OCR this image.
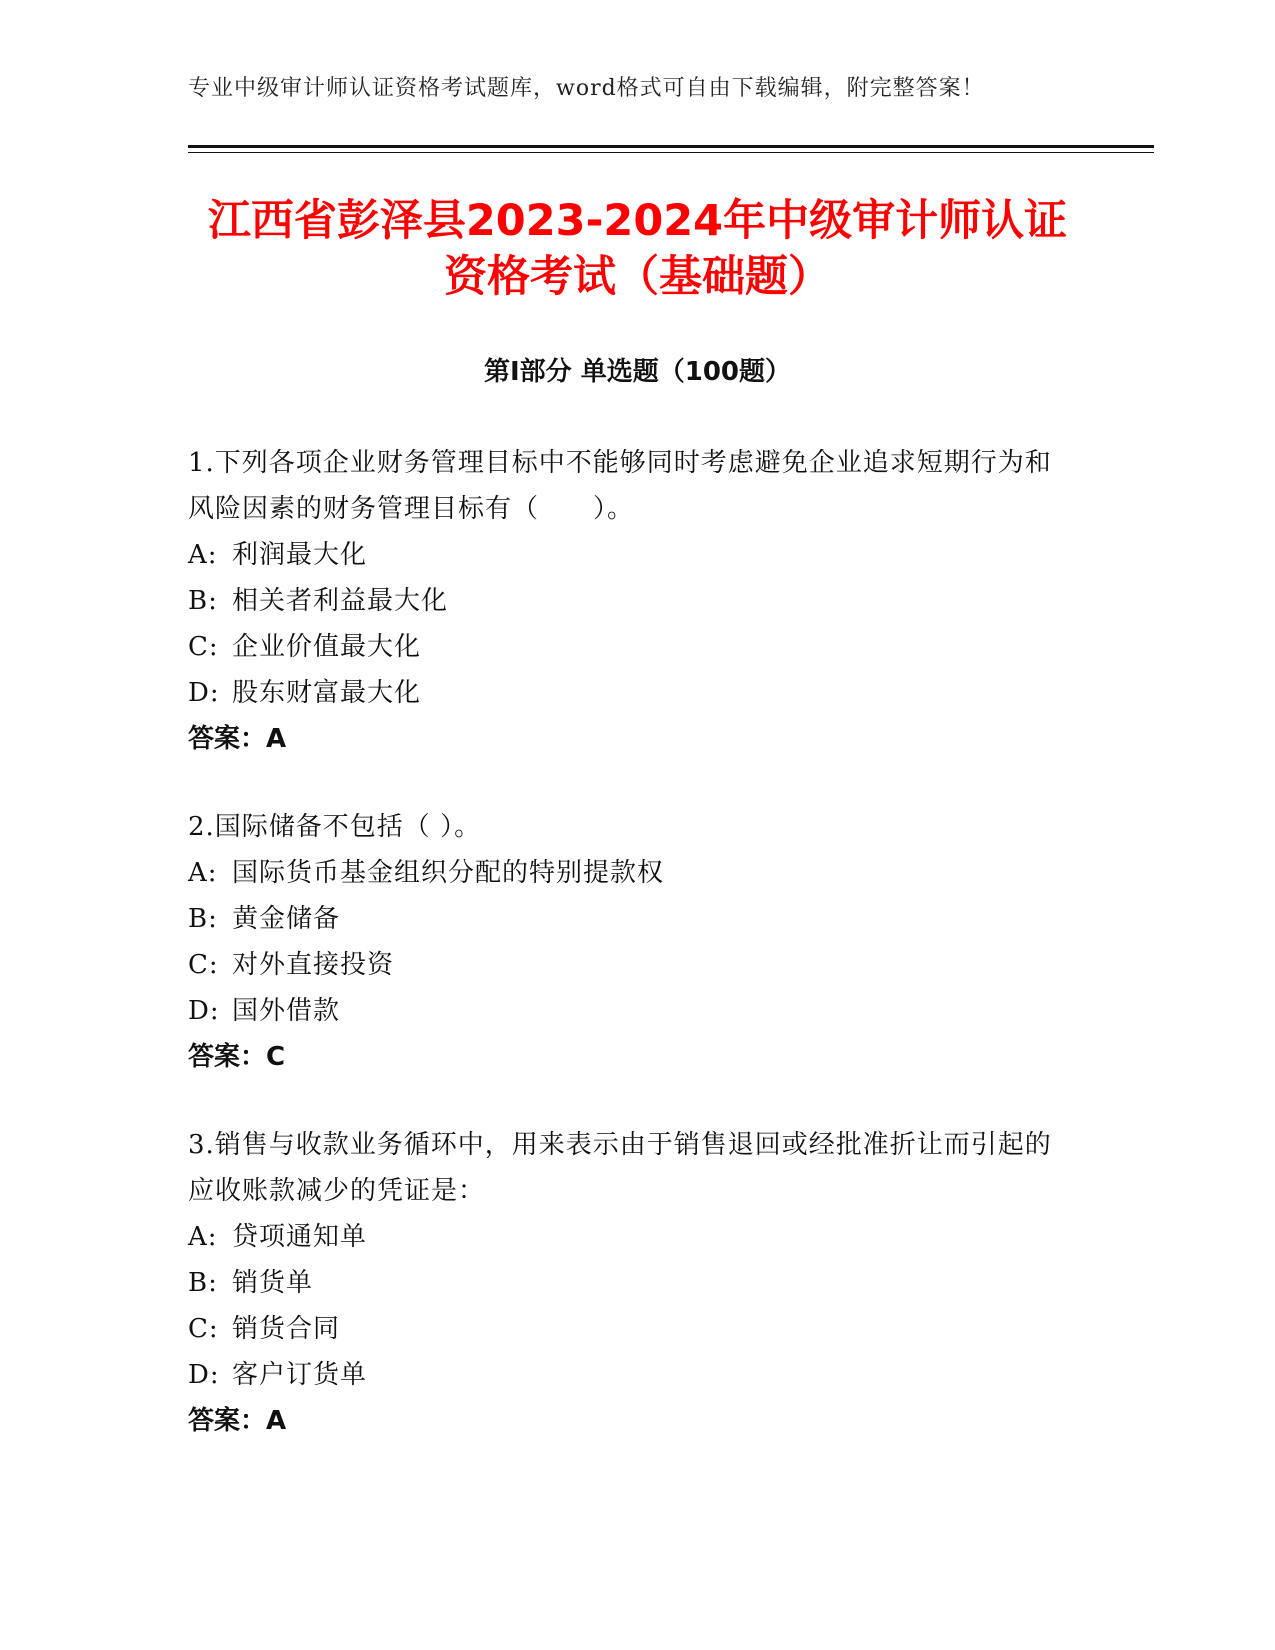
专业中级审计师认证资格考试题库，word格式可自由下载编辑，附完整答案！
江西省彭泽县2023-2024年中级审计师认证
资格考试（基础题）
第Ⅰ部分 单选题（100题）
1.下列各项企业财务管理目标中不能够同时考虑避免企业追求短期行为和风险因素的财务管理目标有（　　）。
A: 利润最大化
B: 相关者利益最大化
C: 企业价值最大化
D: 股东财富最大化
答案：A
2.国际储备不包括（ ）。
A: 国际货币基金组织分配的特别提款权
B: 黄金储备
C: 对外直接投资
D: 国外借款
答案：C
3.销售与收款业务循环中，用来表示由于销售退回或经批准折让而引起的应收账款减少的凭证是：
A: 贷项通知单
B: 销货单
C: 销货合同
D: 客户订货单
答案：A
